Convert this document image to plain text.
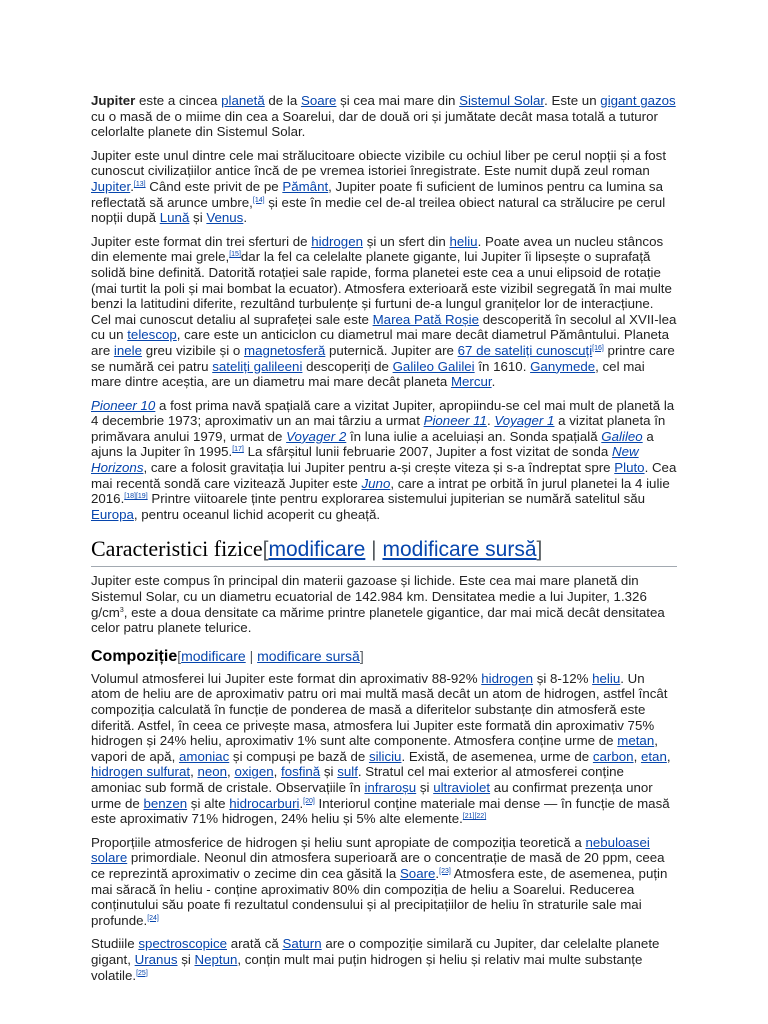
Jupiter este a cincea planetă de la Soare și cea mai mare din Sistemul Solar. Este un gigant gazos cu o masă de o miime din cea a Soarelui, dar de două ori și jumătate decât masa totală a tuturor celorlalte planete din Sistemul Solar.

Jupiter este unul dintre cele mai strălucitoare obiecte vizibile cu ochiul liber pe cerul nopții și a fost cunoscut civilizațiilor antice încă de pe vremea istoriei înregistrate. Este numit după zeul roman Jupiter.[13] Când este privit de pe Pământ, Jupiter poate fi suficient de luminos pentru ca lumina sa reflectată să arunce umbre,[14] și este în medie cel de-al treilea obiect natural ca strălucire pe cerul nopții după Lună și Venus.

Jupiter este format din trei sferturi de hidrogen și un sfert din heliu. Poate avea un nucleu stâncos din elemente mai grele,[15]dar la fel ca celelalte planete gigante, lui Jupiter îi lipsește o suprafață solidă bine definită. Datorită rotației sale rapide, forma planetei este cea a unui elipsoid de rotație (mai turtit la poli și mai bombat la ecuator). Atmosfera exterioară este vizibil segregată în mai multe benzi la latitudini diferite, rezultând turbulențe și furtuni de-a lungul granițelor lor de interacțiune. Cel mai cunoscut detaliu al suprafeței sale este Marea Pată Roșie descoperită în secolul al XVII-lea cu un telescop, care este un anticiclon cu diametrul mai mare decât diametrul Pământului. Planeta are inele greu vizibile și o magnetosferă puternică. Jupiter are 67 de sateliți cunoscuți[16] printre care se numără cei patru sateliți galileeni descoperiți de Galileo Galilei în 1610. Ganymede, cel mai mare dintre aceștia, are un diametru mai mare decât planeta Mercur.

Pioneer 10 a fost prima navă spațială care a vizitat Jupiter, apropiindu-se cel mai mult de planetă la 4 decembrie 1973; aproximativ un an mai târziu a urmat Pioneer 11. Voyager 1 a vizitat planeta în primăvara anului 1979, urmat de Voyager 2 în luna iulie a aceluiași an. Sonda spațială Galileo a ajuns la Jupiter în 1995.[17] La sfârșitul lunii februarie 2007, Jupiter a fost vizitat de sonda New Horizons, care a folosit gravitația lui Jupiter pentru a-și crește viteza și s-a îndreptat spre Pluto. Cea mai recentă sondă care vizitează Jupiter este Juno, care a intrat pe orbită în jurul planetei la 4 iulie 2016.[18][19] Printre viitoarele ținte pentru explorarea sistemului jupiterian se numără satelitul său Europa, pentru oceanul lichid acoperit cu gheață.

Caracteristici fizice[modificare | modificare sursă]

Jupiter este compus în principal din materii gazoase și lichide. Este cea mai mare planetă din Sistemul Solar, cu un diametru ecuatorial de 142.984 km. Densitatea medie a lui Jupiter, 1.326 $g/cm^3$, este a doua densitate ca mărime printre planetele gigantice, dar mai mică decât densitatea celor patru planete telurice.

Compoziție[modificare | modificare sursă]

Volumul atmosferei lui Jupiter este format din aproximativ 88-92% hidrogen și 8-12% heliu. Un atom de heliu are de aproximativ patru ori mai multă masă decât un atom de hidrogen, astfel încât compoziția calculată în funcție de ponderea de masă a diferitelor substanțe din atmosferă este diferită. Astfel, în ceea ce privește masa, atmosfera lui Jupiter este formată din aproximativ 75% hidrogen și 24% heliu, aproximativ 1% sunt alte componente. Atmosfera conține urme de metan, vapori de apă, amoniac și compuși pe bază de siliciu. Există, de asemenea, urme de carbon, etan, hidrogen sulfurat, neon, oxigen, fosfină și sulf. Stratul cel mai exterior al atmosferei conține amoniac sub formă de cristale. Observațiile în infraroșu și ultraviolet au confirmat prezența unor urme de benzen și alte hidrocarburi.[20] Interiorul conține materiale mai dense — în funcție de masă este aproximativ 71% hidrogen, 24% heliu și 5% alte elemente.[21][22]

Proporțiile atmosferice de hidrogen și heliu sunt apropiate de compoziția teoretică a nebuloasei solare primordiale. Neonul din atmosfera superioară are o concentrație de masă de 20 ppm, ceea ce reprezintă aproximativ o zecime din cea găsită la Soare.[23] Atmosfera este, de asemenea, puțin mai săracă în heliu - conține aproximativ 80% din compoziția de heliu a Soarelui. Reducerea conținutului său poate fi rezultatul condensului și al precipitațiilor de heliu în straturile sale mai profunde.[24]

Studiile spectroscopice arată că Saturn are o compoziție similară cu Jupiter, dar celelalte planete gigant, Uranus și Neptun, conțin mult mai puțin hidrogen și heliu și relativ mai multe substanțe volatile.[25]
